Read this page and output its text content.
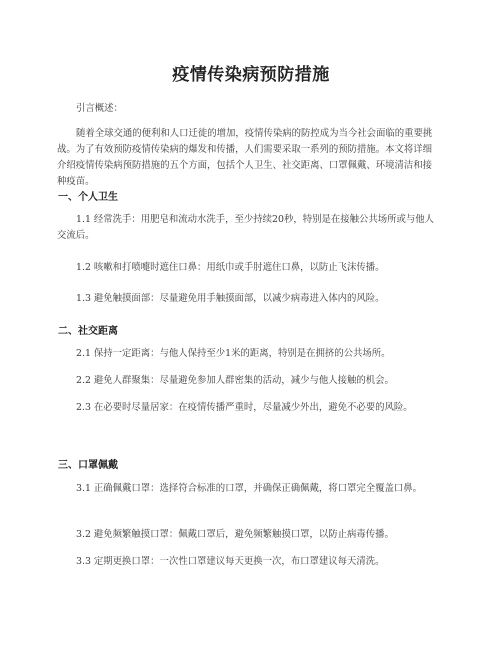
疫情传染病预防措施
引言概述：
随着全球交通的便利和人口迁徙的增加，疫情传染病的防控成为当今社会面临的重要挑战。为了有效预防疫情传染病的爆发和传播，人们需要采取一系列的预防措施。本文将详细介绍疫情传染病预防措施的五个方面，包括个人卫生、社交距离、口罩佩戴、环境清洁和接种疫苗。
一、个人卫生
1.1 经常洗手：用肥皂和流动水洗手，至少持续20秒，特别是在接触公共场所或与他人交流后。
1.2 咳嗽和打喷嚏时遮住口鼻：用纸巾或手肘遮住口鼻，以防止飞沫传播。
1.3 避免触摸面部：尽量避免用手触摸面部，以减少病毒进入体内的风险。
二、社交距离
2.1 保持一定距离：与他人保持至少1米的距离，特别是在拥挤的公共场所。
2.2 避免人群聚集：尽量避免参加人群密集的活动，减少与他人接触的机会。
2.3 在必要时尽量居家：在疫情传播严重时，尽量减少外出，避免不必要的风险。
三、口罩佩戴
3.1 正确佩戴口罩：选择符合标准的口罩，并确保正确佩戴，将口罩完全覆盖口鼻。
3.2 避免频繁触摸口罩：佩戴口罩后，避免频繁触摸口罩，以防止病毒传播。
3.3 定期更换口罩：一次性口罩建议每天更换一次，布口罩建议每天清洗。
